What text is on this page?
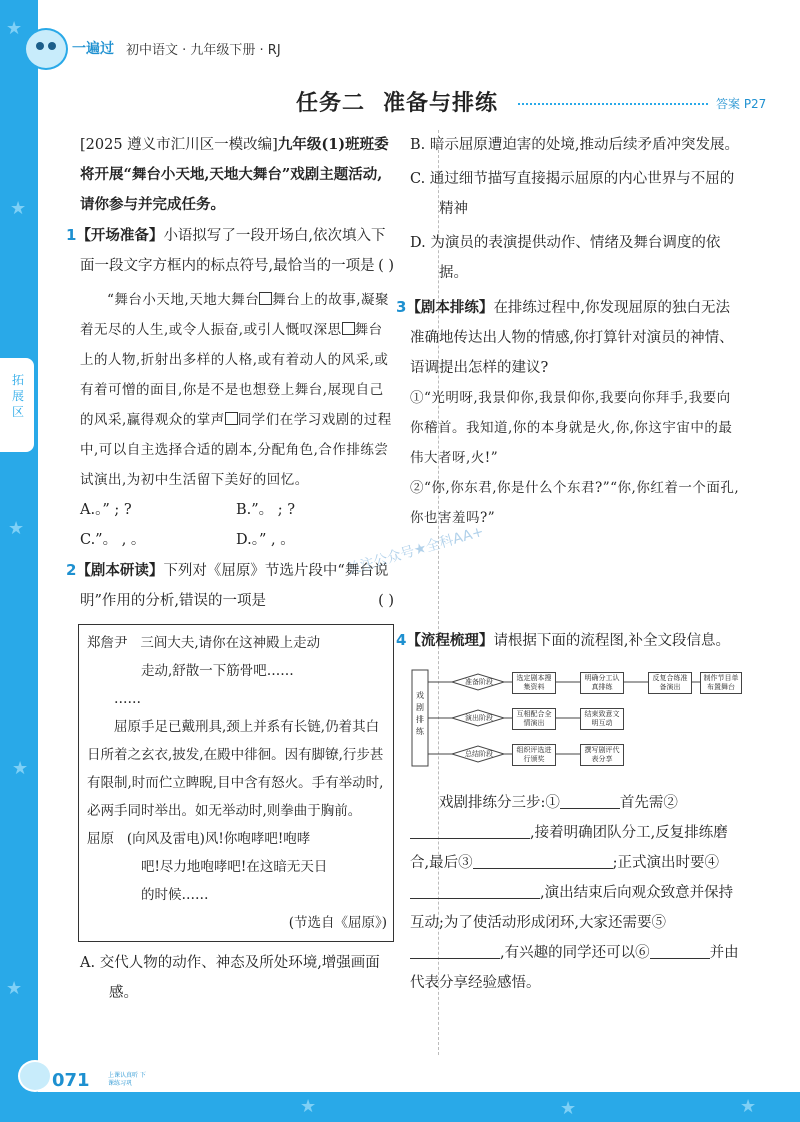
★
★
★
★
★
★	★	★
一遍过 初中语文 · 九年级下册 · RJ
拓展区
任务二 准备与排练	答案 P27
关注公众号★全科AA+

[2025 遵义市汇川区一模改编]九年级(1)班班委将开展“舞台小天地,天地大舞台”戏剧主题活动,请你参与并完成任务。

1【开场准备】小语拟写了一段开场白,依次填入下面一段文字方框内的标点符号,最恰当的一项是 ( )

“舞台小天地,天地大舞台 舞台上的故事,凝聚着无尽的人生,或令人振奋,或引人慨叹深思 舞台上的人物,折射出多样的人格,或有着动人的风采,或有着可憎的面目,你是不是也想登上舞台,展现自己的风采,赢得观众的掌声 同学们在学习戏剧的过程中,可以自主选择合适的剧本,分配角色,合作排练尝试演出,为初中生活留下美好的回忆。

A.。” ; ?	B.”。 ; ?
C.”。 , 。	D.。” , 。

2【剧本研读】下列对《屈原》节选片段中“舞台说明”作用的分析,错误的一项是	( )

郑詹尹 三闾大夫,请你在这神殿上走动

走动,舒散一下筋骨吧……

……

屈原手足已戴刑具,颈上并系有长链,仍着其白日所着之玄衣,披发,在殿中徘徊。因有脚镣,行步甚有限制,时而伫立睥睨,目中含有怒火。手有举动时,必两手同时举出。如无举动时,则拳曲于胸前。

屈原 (向风及雷电)风!你咆哮吧!咆哮

吧!尽力地咆哮吧!在这暗无天日

的时候……

(节选自《屈原》)

A. 交代人物的动作、神态及所处环境,增强画面感。

B. 暗示屈原遭迫害的处境,推动后续矛盾冲突发展。

C. 通过细节描写直接揭示屈原的内心世界与不屈的精神

D. 为演员的表演提供动作、情绪及舞台调度的依据。

3【剧本排练】在排练过程中,你发现屈原的独白无法准确地传达出人物的情感,你打算针对演员的神情、语调提出怎样的建议?

①“光明呀,我景仰你,我景仰你,我要向你拜手,我要向你稽首。我知道,你的本身就是火,你,你这宇宙中的最伟大者呀,火!”

②“你,你东君,你是什么个东君?”“你,你红着一个面孔,你也害羞吗?”

4【流程梳理】请根据下面的流程图,补全文段信息。

戏剧排练
准备阶段
演出阶段
总结阶段
选定剧本搜集资料
明确分工认真排练
反复合练准备演出
制作节目单布置舞台
互相配合全情演出
结束致意文明互动
组织评选进行颁奖
撰写剧评代表分享

戏剧排练分三步:①	首先需②,接着明确团队分工,反复排练磨合,最后③	;正式演出时要④,演出结束后向观众致意并保持互动;为了使活动形成闭环,大家还需要⑤,有兴趣的同学还可以⑥	并由代表分享经验感悟。

071	上课认真听 下课练习巩
